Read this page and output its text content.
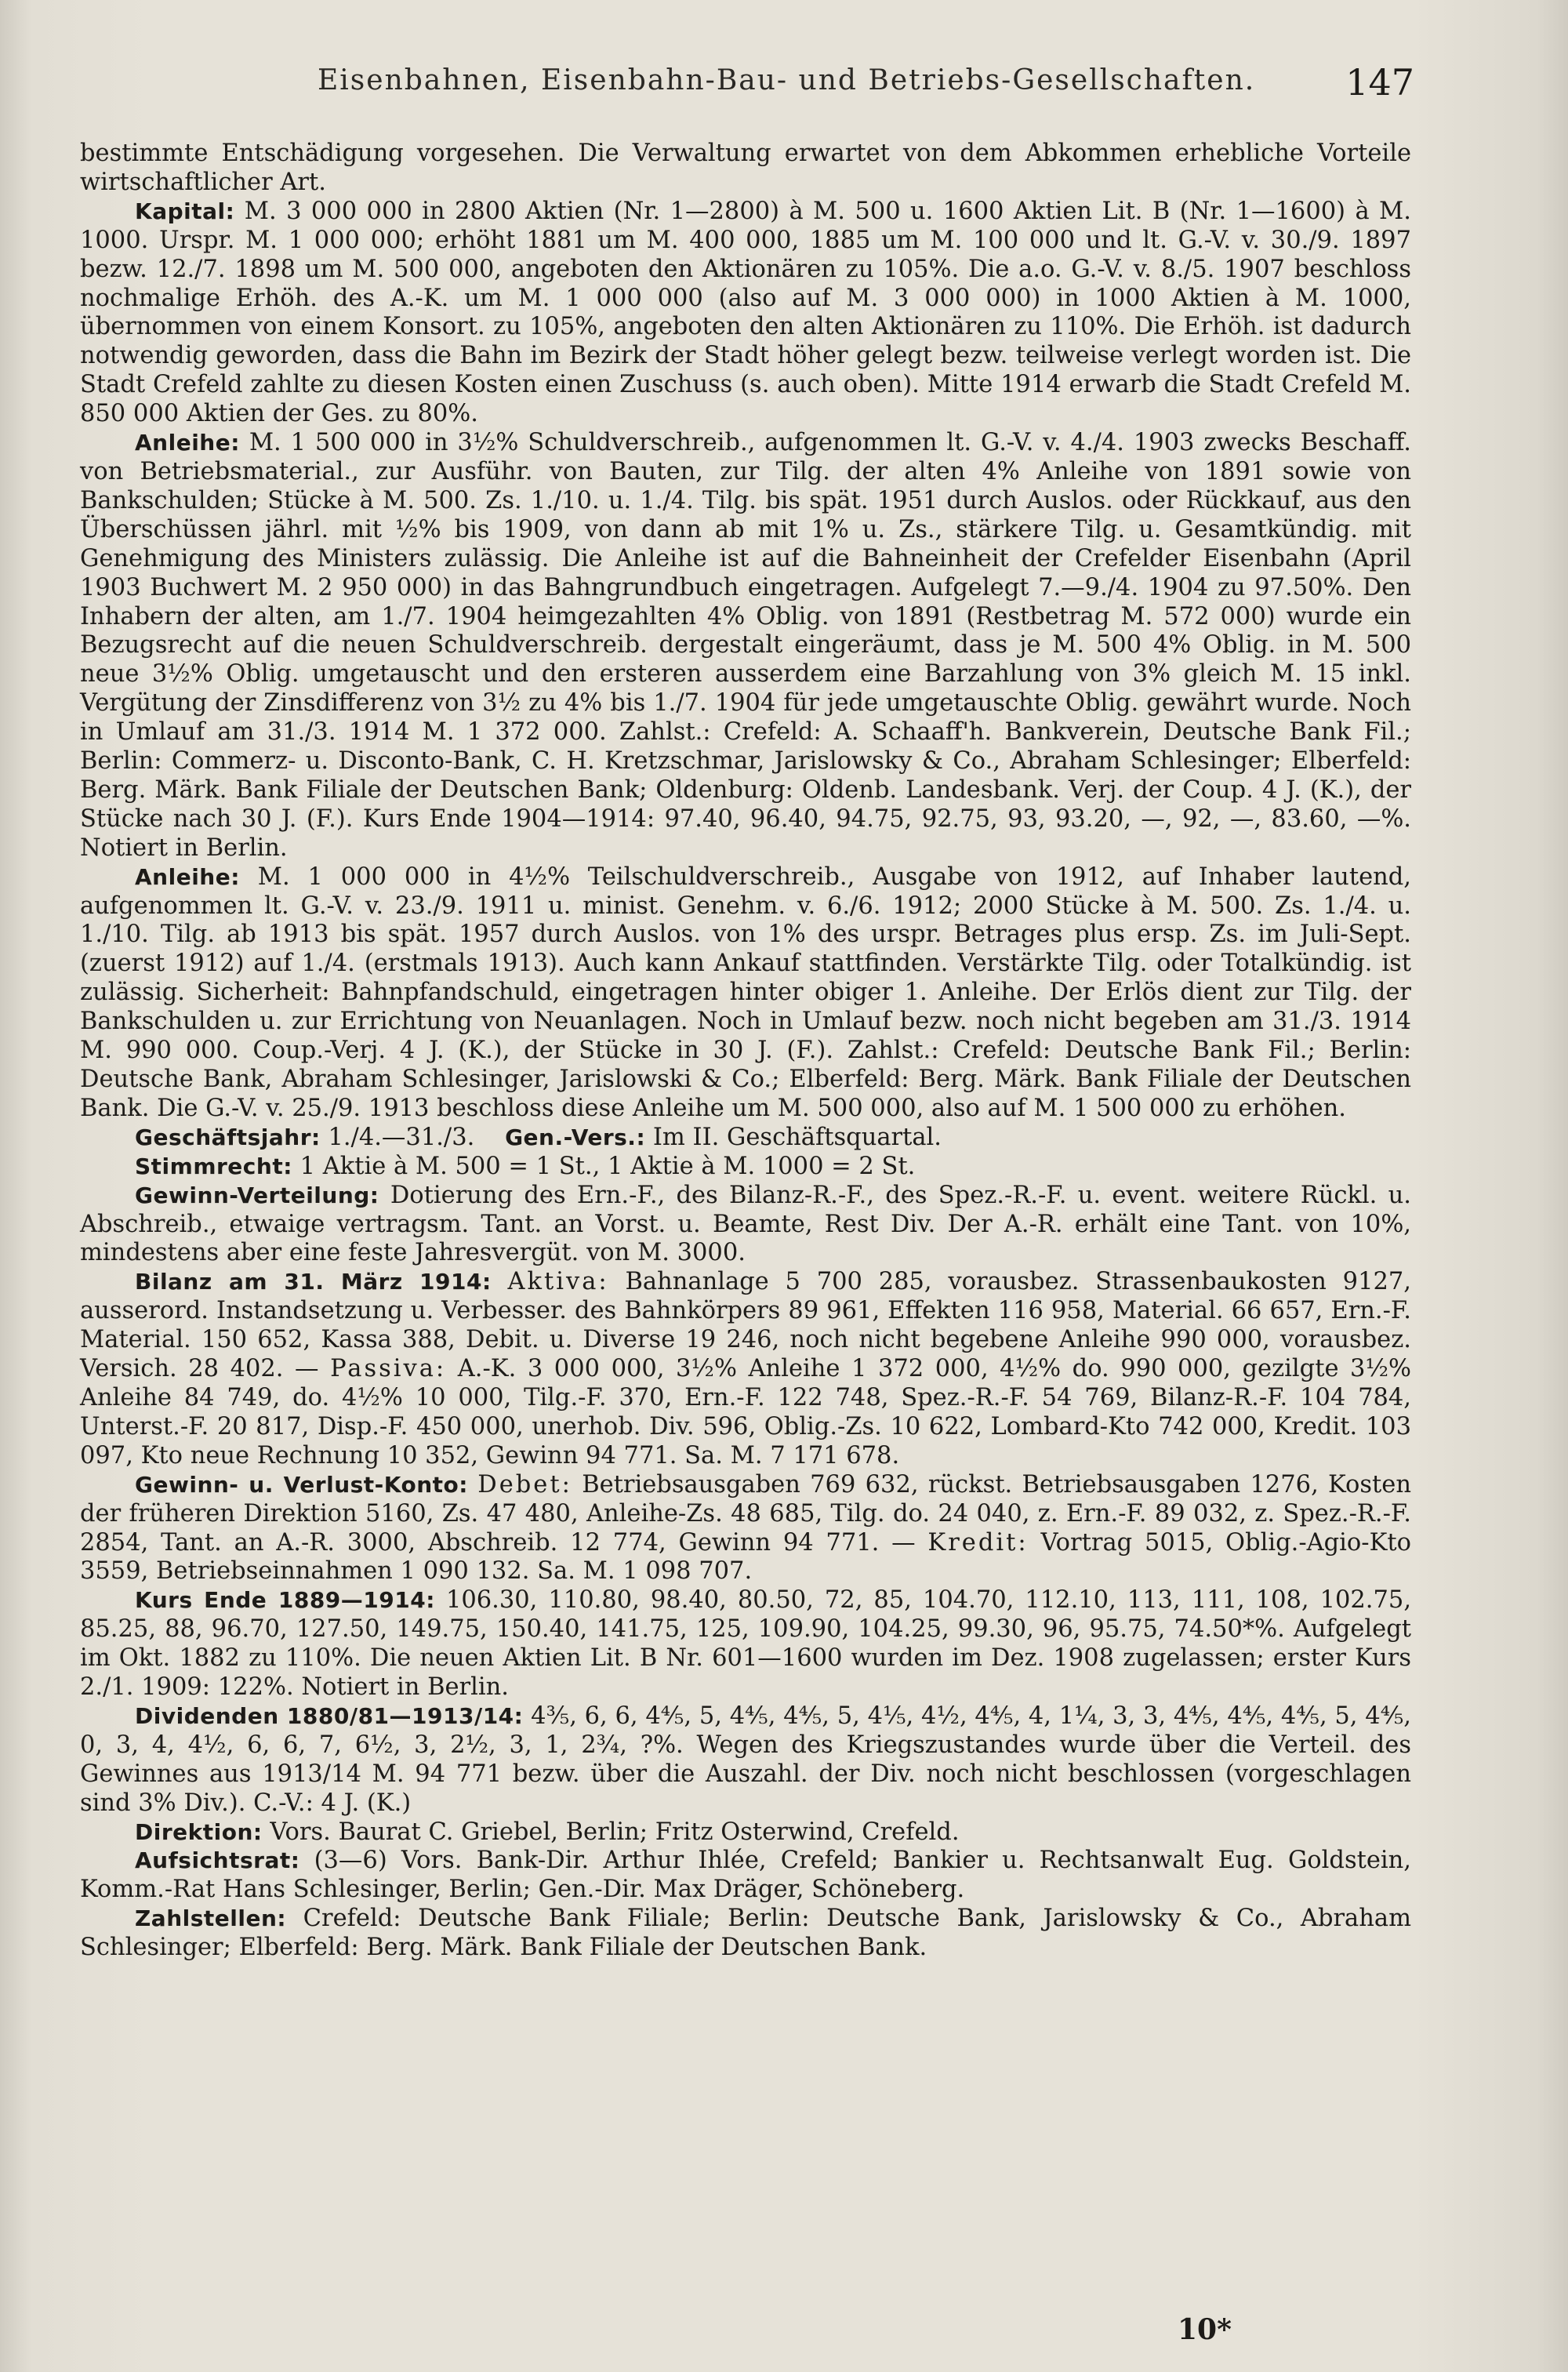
Eisenbahnen, Eisenbahn-Bau- und Betriebs-Gesellschaften. 147

bestimmte Entschädigung vorgesehen. Die Verwaltung erwartet von dem Abkommen erhebliche Vorteile wirtschaftlicher Art.

Kapital: M. 3 000 000 in 2800 Aktien (Nr. 1—2800) à M. 500 u. 1600 Aktien Lit. B (Nr. 1—1600) à M. 1000. Urspr. M. 1 000 000; erhöht 1881 um M. 400 000, 1885 um M. 100 000 und lt. G.-V. v. 30./9. 1897 bezw. 12./7. 1898 um M. 500 000, angeboten den Aktionären zu 105%. Die a.o. G.-V. v. 8./5. 1907 beschloss nochmalige Erhöh. des A.-K. um M. 1 000 000 (also auf M. 3 000 000) in 1000 Aktien à M. 1000, übernommen von einem Konsort. zu 105%, angeboten den alten Aktionären zu 110%. Die Erhöh. ist dadurch notwendig geworden, dass die Bahn im Bezirk der Stadt höher gelegt bezw. teilweise verlegt worden ist. Die Stadt Crefeld zahlte zu diesen Kosten einen Zuschuss (s. auch oben). Mitte 1914 erwarb die Stadt Crefeld M. 850 000 Aktien der Ges. zu 80%.

Anleihe: M. 1 500 000 in 3½% Schuldverschreib., aufgenommen lt. G.-V. v. 4./4. 1903 zwecks Beschaff. von Betriebsmaterial., zur Ausführ. von Bauten, zur Tilg. der alten 4% Anleihe von 1891 sowie von Bankschulden; Stücke à M. 500. Zs. 1./10. u. 1./4. Tilg. bis spät. 1951 durch Auslos. oder Rückkauf, aus den Überschüssen jährl. mit ½% bis 1909, von dann ab mit 1% u. Zs., stärkere Tilg. u. Gesamtkündig. mit Genehmigung des Ministers zulässig. Die Anleihe ist auf die Bahneinheit der Crefelder Eisenbahn (April 1903 Buchwert M. 2 950 000) in das Bahngrundbuch eingetragen. Aufgelegt 7.—9./4. 1904 zu 97.50%. Den Inhabern der alten, am 1./7. 1904 heimgezahlten 4% Oblig. von 1891 (Restbetrag M. 572 000) wurde ein Bezugsrecht auf die neuen Schuldverschreib. dergestalt eingeräumt, dass je M. 500 4% Oblig. in M. 500 neue 3½% Oblig. umgetauscht und den ersteren ausserdem eine Barzahlung von 3% gleich M. 15 inkl. Vergütung der Zinsdifferenz von 3½ zu 4% bis 1./7. 1904 für jede umgetauschte Oblig. gewährt wurde. Noch in Umlauf am 31./3. 1914 M. 1 372 000. Zahlst.: Crefeld: A. Schaaff'h. Bankverein, Deutsche Bank Fil.; Berlin: Commerz- u. Disconto-Bank, C. H. Kretzschmar, Jarislowsky & Co., Abraham Schlesinger; Elberfeld: Berg. Märk. Bank Filiale der Deutschen Bank; Oldenburg: Oldenb. Landesbank. Verj. der Coup. 4 J. (K.), der Stücke nach 30 J. (F.). Kurs Ende 1904—1914: 97.40, 96.40, 94.75, 92.75, 93, 93.20, —, 92, —, 83.60, —%. Notiert in Berlin.

Anleihe: M. 1 000 000 in 4½% Teilschuldverschreib., Ausgabe von 1912, auf Inhaber lautend, aufgenommen lt. G.-V. v. 23./9. 1911 u. minist. Genehm. v. 6./6. 1912; 2000 Stücke à M. 500. Zs. 1./4. u. 1./10. Tilg. ab 1913 bis spät. 1957 durch Auslos. von 1% des urspr. Betrages plus ersp. Zs. im Juli-Sept. (zuerst 1912) auf 1./4. (erstmals 1913). Auch kann Ankauf stattfinden. Verstärkte Tilg. oder Totalkündig. ist zulässig. Sicherheit: Bahnpfandschuld, eingetragen hinter obiger 1. Anleihe. Der Erlös dient zur Tilg. der Bankschulden u. zur Errichtung von Neuanlagen. Noch in Umlauf bezw. noch nicht begeben am 31./3. 1914 M. 990 000. Coup.-Verj. 4 J. (K.), der Stücke in 30 J. (F.). Zahlst.: Crefeld: Deutsche Bank Fil.; Berlin: Deutsche Bank, Abraham Schlesinger, Jarislowski & Co.; Elberfeld: Berg. Märk. Bank Filiale der Deutschen Bank. Die G.-V. v. 25./9. 1913 beschloss diese Anleihe um M. 500 000, also auf M. 1 500 000 zu erhöhen.

Geschäftsjahr: 1./4.—31./3. Gen.-Vers.: Im II. Geschäftsquartal.

Stimmrecht: 1 Aktie à M. 500 = 1 St., 1 Aktie à M. 1000 = 2 St.

Gewinn-Verteilung: Dotierung des Ern.-F., des Bilanz-R.-F., des Spez.-R.-F. u. event. weitere Rückl. u. Abschreib., etwaige vertragsm. Tant. an Vorst. u. Beamte, Rest Div. Der A.-R. erhält eine Tant. von 10%, mindestens aber eine feste Jahresvergüt. von M. 3000.

Bilanz am 31. März 1914: Aktiva: Bahnanlage 5 700 285, vorausbez. Strassenbaukosten 9127, ausserord. Instandsetzung u. Verbesser. des Bahnkörpers 89 961, Effekten 116 958, Material. 66 657, Ern.-F. Material. 150 652, Kassa 388, Debit. u. Diverse 19 246, noch nicht begebene Anleihe 990 000, vorausbez. Versich. 28 402. — Passiva: A.-K. 3 000 000, 3½% Anleihe 1 372 000, 4½% do. 990 000, gezilgte 3½% Anleihe 84 749, do. 4½% 10 000, Tilg.-F. 370, Ern.-F. 122 748, Spez.-R.-F. 54 769, Bilanz-R.-F. 104 784, Unterst.-F. 20 817, Disp.-F. 450 000, unerhob. Div. 596, Oblig.-Zs. 10 622, Lombard-Kto 742 000, Kredit. 103 097, Kto neue Rechnung 10 352, Gewinn 94 771. Sa. M. 7 171 678.

Gewinn- u. Verlust-Konto: Debet: Betriebsausgaben 769 632, rückst. Betriebsausgaben 1276, Kosten der früheren Direktion 5160, Zs. 47 480, Anleihe-Zs. 48 685, Tilg. do. 24 040, z. Ern.-F. 89 032, z. Spez.-R.-F. 2854, Tant. an A.-R. 3000, Abschreib. 12 774, Gewinn 94 771. — Kredit: Vortrag 5015, Oblig.-Agio-Kto 3559, Betriebseinnahmen 1 090 132. Sa. M. 1 098 707.

Kurs Ende 1889—1914: 106.30, 110.80, 98.40, 80.50, 72, 85, 104.70, 112.10, 113, 111, 108, 102.75, 85.25, 88, 96.70, 127.50, 149.75, 150.40, 141.75, 125, 109.90, 104.25, 99.30, 96, 95.75, 74.50*%. Aufgelegt im Okt. 1882 zu 110%. Die neuen Aktien Lit. B Nr. 601—1600 wurden im Dez. 1908 zugelassen; erster Kurs 2./1. 1909: 122%. Notiert in Berlin.

Dividenden 1880/81—1913/14: 4⅗, 6, 6, 4⅘, 5, 4⅘, 4⅘, 5, 4⅕, 4½, 4⅘, 4, 1¼, 3, 3, 4⅘, 4⅘, 4⅘, 5, 4⅘, 0, 3, 4, 4½, 6, 6, 7, 6½, 3, 2½, 3, 1, 2¾, ?%. Wegen des Kriegszustandes wurde über die Verteil. des Gewinnes aus 1913/14 M. 94 771 bezw. über die Auszahl. der Div. noch nicht beschlossen (vorgeschlagen sind 3% Div.). C.-V.: 4 J. (K.)

Direktion: Vors. Baurat C. Griebel, Berlin; Fritz Osterwind, Crefeld.

Aufsichtsrat: (3—6) Vors. Bank-Dir. Arthur Ihlée, Crefeld; Bankier u. Rechtsanwalt Eug. Goldstein, Komm.-Rat Hans Schlesinger, Berlin; Gen.-Dir. Max Dräger, Schöneberg.

Zahlstellen: Crefeld: Deutsche Bank Filiale; Berlin: Deutsche Bank, Jarislowsky & Co., Abraham Schlesinger; Elberfeld: Berg. Märk. Bank Filiale der Deutschen Bank.

10*
